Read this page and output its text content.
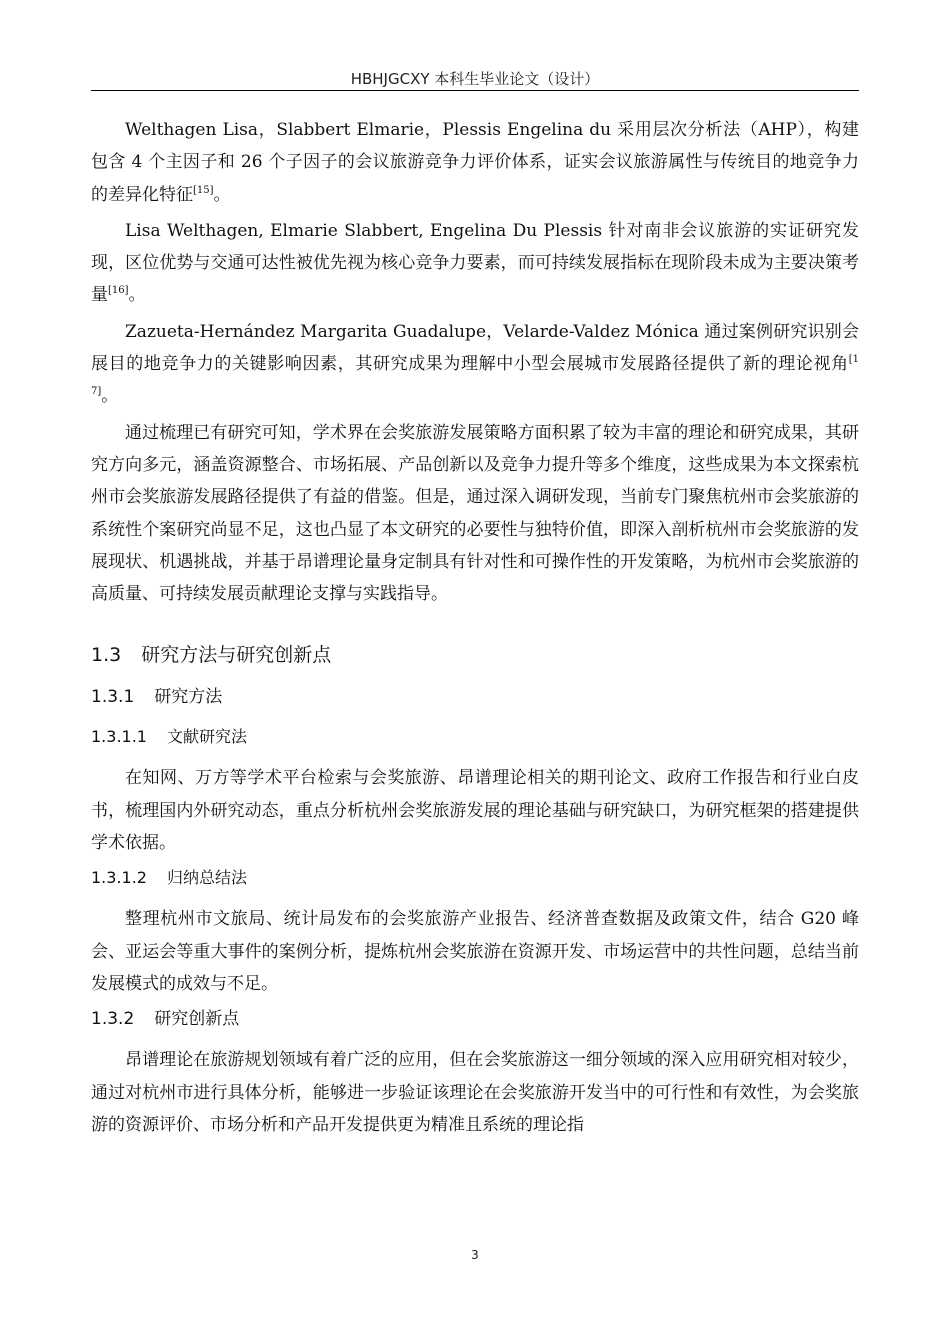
HBHJGCXY 本科生毕业论文（设计）

Welthagen Lisa，Slabbert Elmarie，Plessis Engelina du 采用层次分析法（AHP），构建包含 4 个主因子和 26 个子因子的会议旅游竞争力评价体系，证实会议旅游属性与传统目的地竞争力的差异化特征[15]。

Lisa Welthagen, Elmarie Slabbert, Engelina Du Plessis 针对南非会议旅游的实证研究发现，区位优势与交通可达性被优先视为核心竞争力要素，而可持续发展指标在现阶段未成为主要决策考量[16]。

Zazueta-Hernández Margarita Guadalupe，Velarde-Valdez Mónica 通过案例研究识别会展目的地竞争力的关键影响因素，其研究成果为理解中小型会展城市发展路径提供了新的理论视角[17]。

通过梳理已有研究可知，学术界在会奖旅游发展策略方面积累了较为丰富的理论和研究成果，其研究方向多元，涵盖资源整合、市场拓展、产品创新以及竞争力提升等多个维度，这些成果为本文探索杭州市会奖旅游发展路径提供了有益的借鉴。但是，通过深入调研发现，当前专门聚焦杭州市会奖旅游的系统性个案研究尚显不足，这也凸显了本文研究的必要性与独特价值，即深入剖析杭州市会奖旅游的发展现状、机遇挑战，并基于昂谱理论量身定制具有针对性和可操作性的开发策略，为杭州市会奖旅游的高质量、可持续发展贡献理论支撑与实践指导。

1.3 研究方法与研究创新点
1.3.1 研究方法
1.3.1.1 文献研究法

在知网、万方等学术平台检索与会奖旅游、昂谱理论相关的期刊论文、政府工作报告和行业白皮书，梳理国内外研究动态，重点分析杭州会奖旅游发展的理论基础与研究缺口，为研究框架的搭建提供学术依据。

1.3.1.2 归纳总结法

整理杭州市文旅局、统计局发布的会奖旅游产业报告、经济普查数据及政策文件，结合 G20 峰会、亚运会等重大事件的案例分析，提炼杭州会奖旅游在资源开发、市场运营中的共性问题，总结当前发展模式的成效与不足。

1.3.2 研究创新点

昂谱理论在旅游规划领域有着广泛的应用，但在会奖旅游这一细分领域的深入应用研究相对较少，通过对杭州市进行具体分析，能够进一步验证该理论在会奖旅游开发当中的可行性和有效性，为会奖旅游的资源评价、市场分析和产品开发提供更为精准且系统的理论指

3
